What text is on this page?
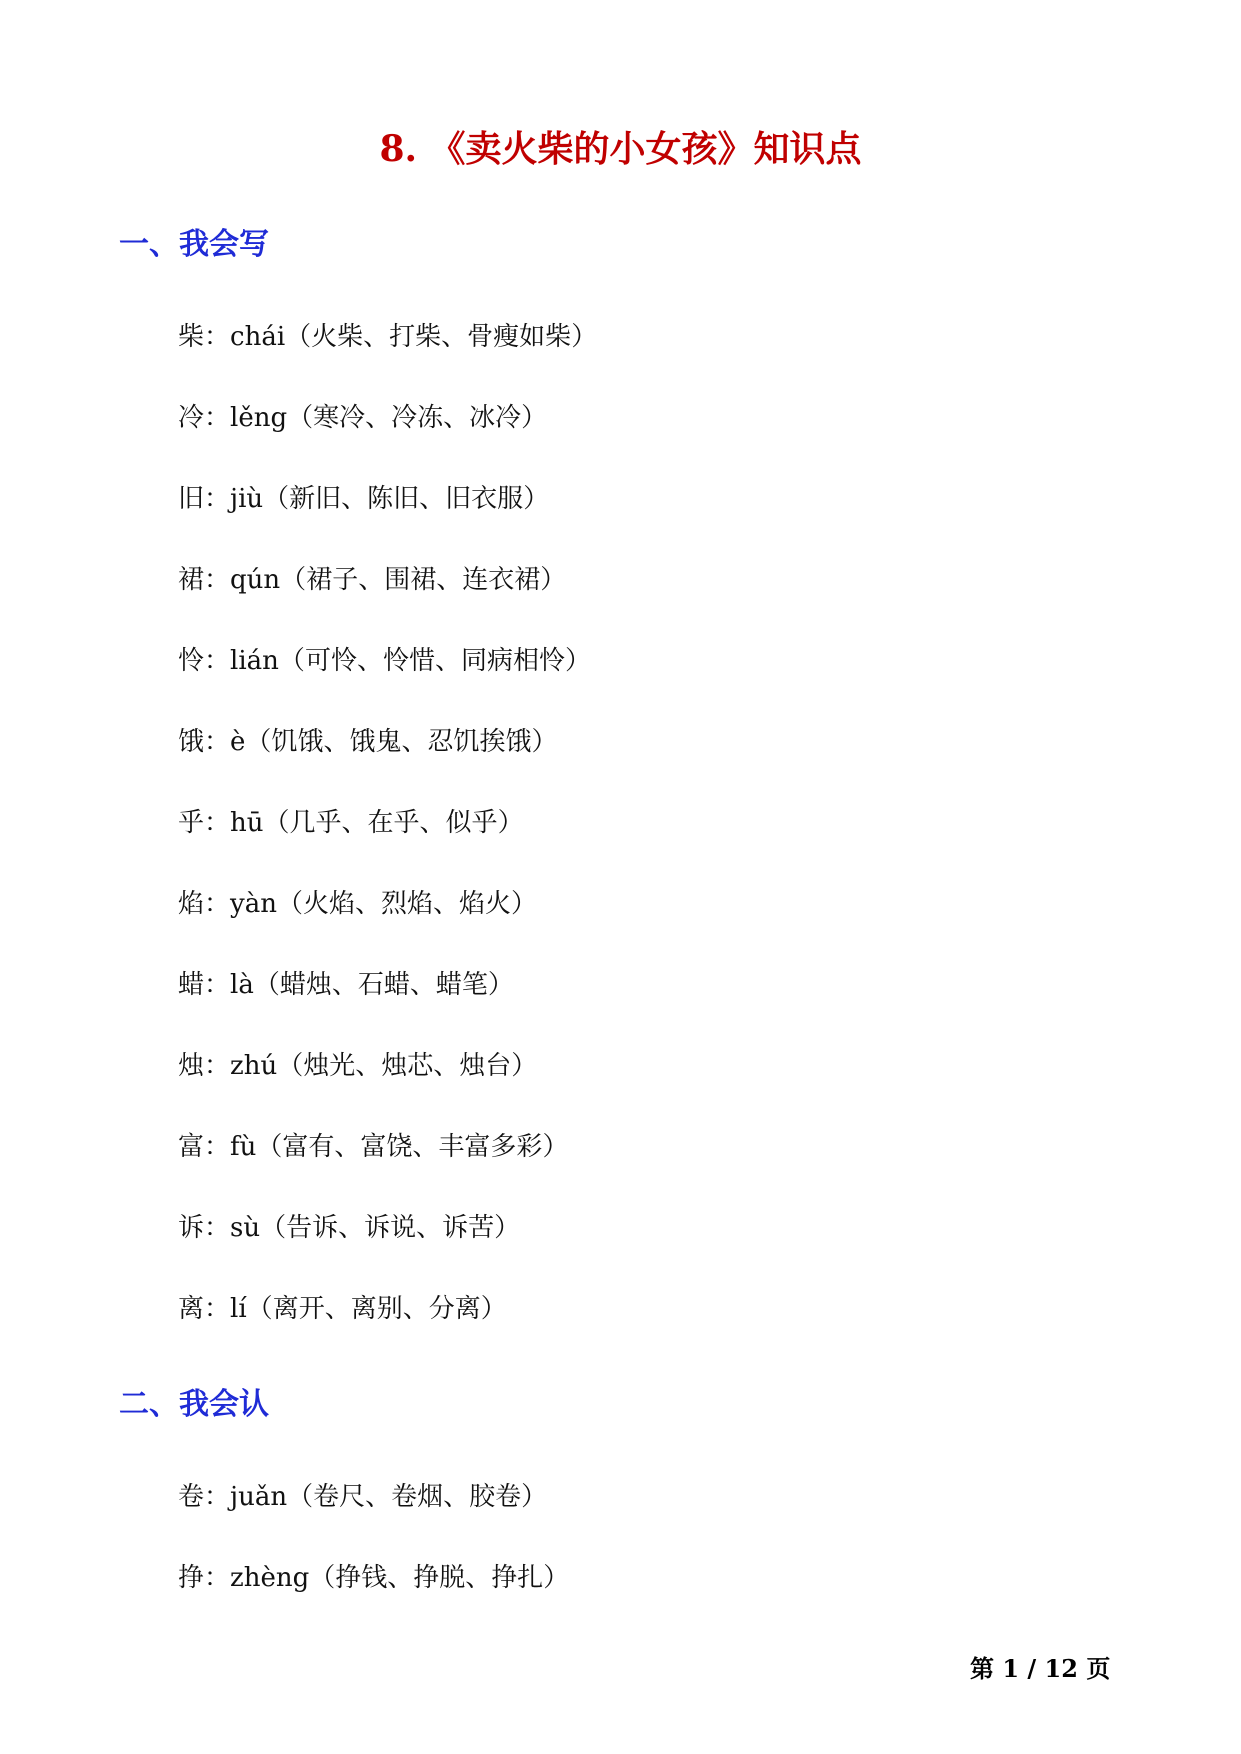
8. 《卖火柴的小女孩》知识点
一、我会写
柴：chái（火柴、打柴、骨瘦如柴）
冷：lěng（寒冷、冷冻、冰冷）
旧：jiù（新旧、陈旧、旧衣服）
裙：qún（裙子、围裙、连衣裙）
怜：lián（可怜、怜惜、同病相怜）
饿：è（饥饿、饿鬼、忍饥挨饿）
乎：hū（几乎、在乎、似乎）
焰：yàn（火焰、烈焰、焰火）
蜡：là（蜡烛、石蜡、蜡笔）
烛：zhú（烛光、烛芯、烛台）
富：fù（富有、富饶、丰富多彩）
诉：sù（告诉、诉说、诉苦）
离：lí（离开、离别、分离）
二、我会认
卷：juǎn（卷尺、卷烟、胶卷）
挣：zhèng（挣钱、挣脱、挣扎）
第 1 / 12 页
